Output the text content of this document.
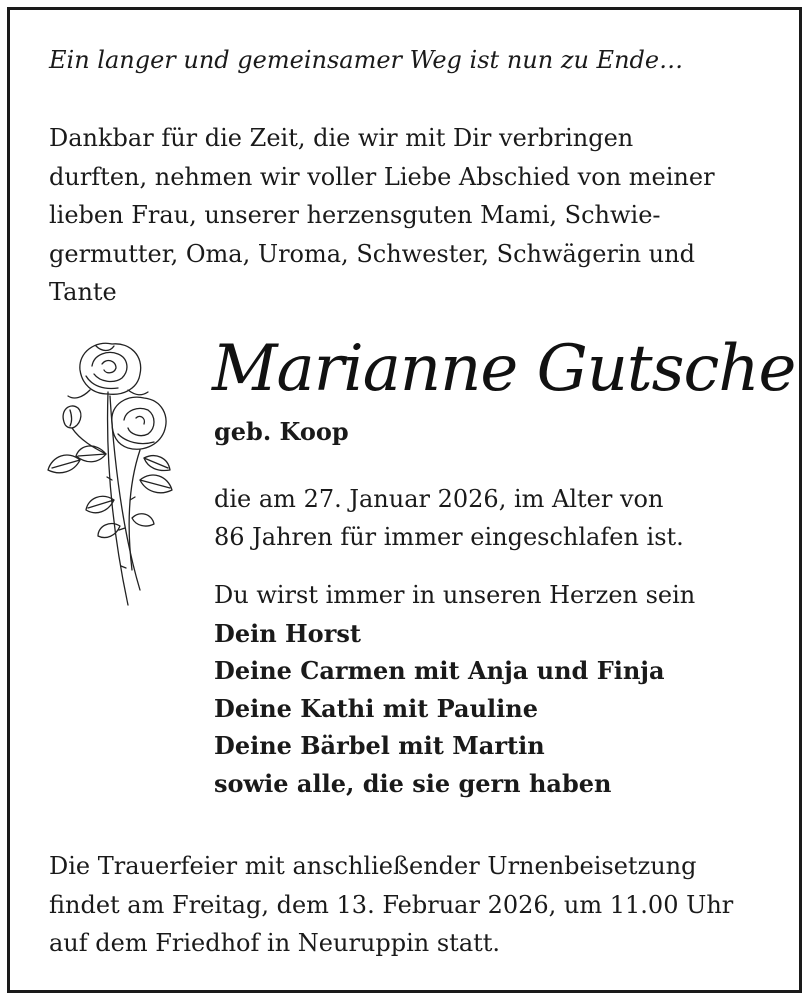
Ein langer und gemeinsamer Weg ist nun zu Ende…
Dankbar für die Zeit, die wir mit Dir verbringen
durften, nehmen wir voller Liebe Abschied von meiner
lieben Frau, unserer herzensguten Mami, Schwie-
germutter, Oma, Uroma, Schwester, Schwägerin und
Tante
Marianne Gutsche
geb. Koop
die am 27. Januar 2026, im Alter von
86 Jahren für immer eingeschlafen ist.
Du wirst immer in unseren Herzen sein
Dein Horst
Deine Carmen mit Anja und Finja
Deine Kathi mit Pauline
Deine Bärbel mit Martin
sowie alle, die sie gern haben
Die Trauerfeier mit anschließender Urnenbeisetzung
findet am Freitag, dem 13. Februar 2026, um 11.00 Uhr
auf dem Friedhof in Neuruppin statt.
